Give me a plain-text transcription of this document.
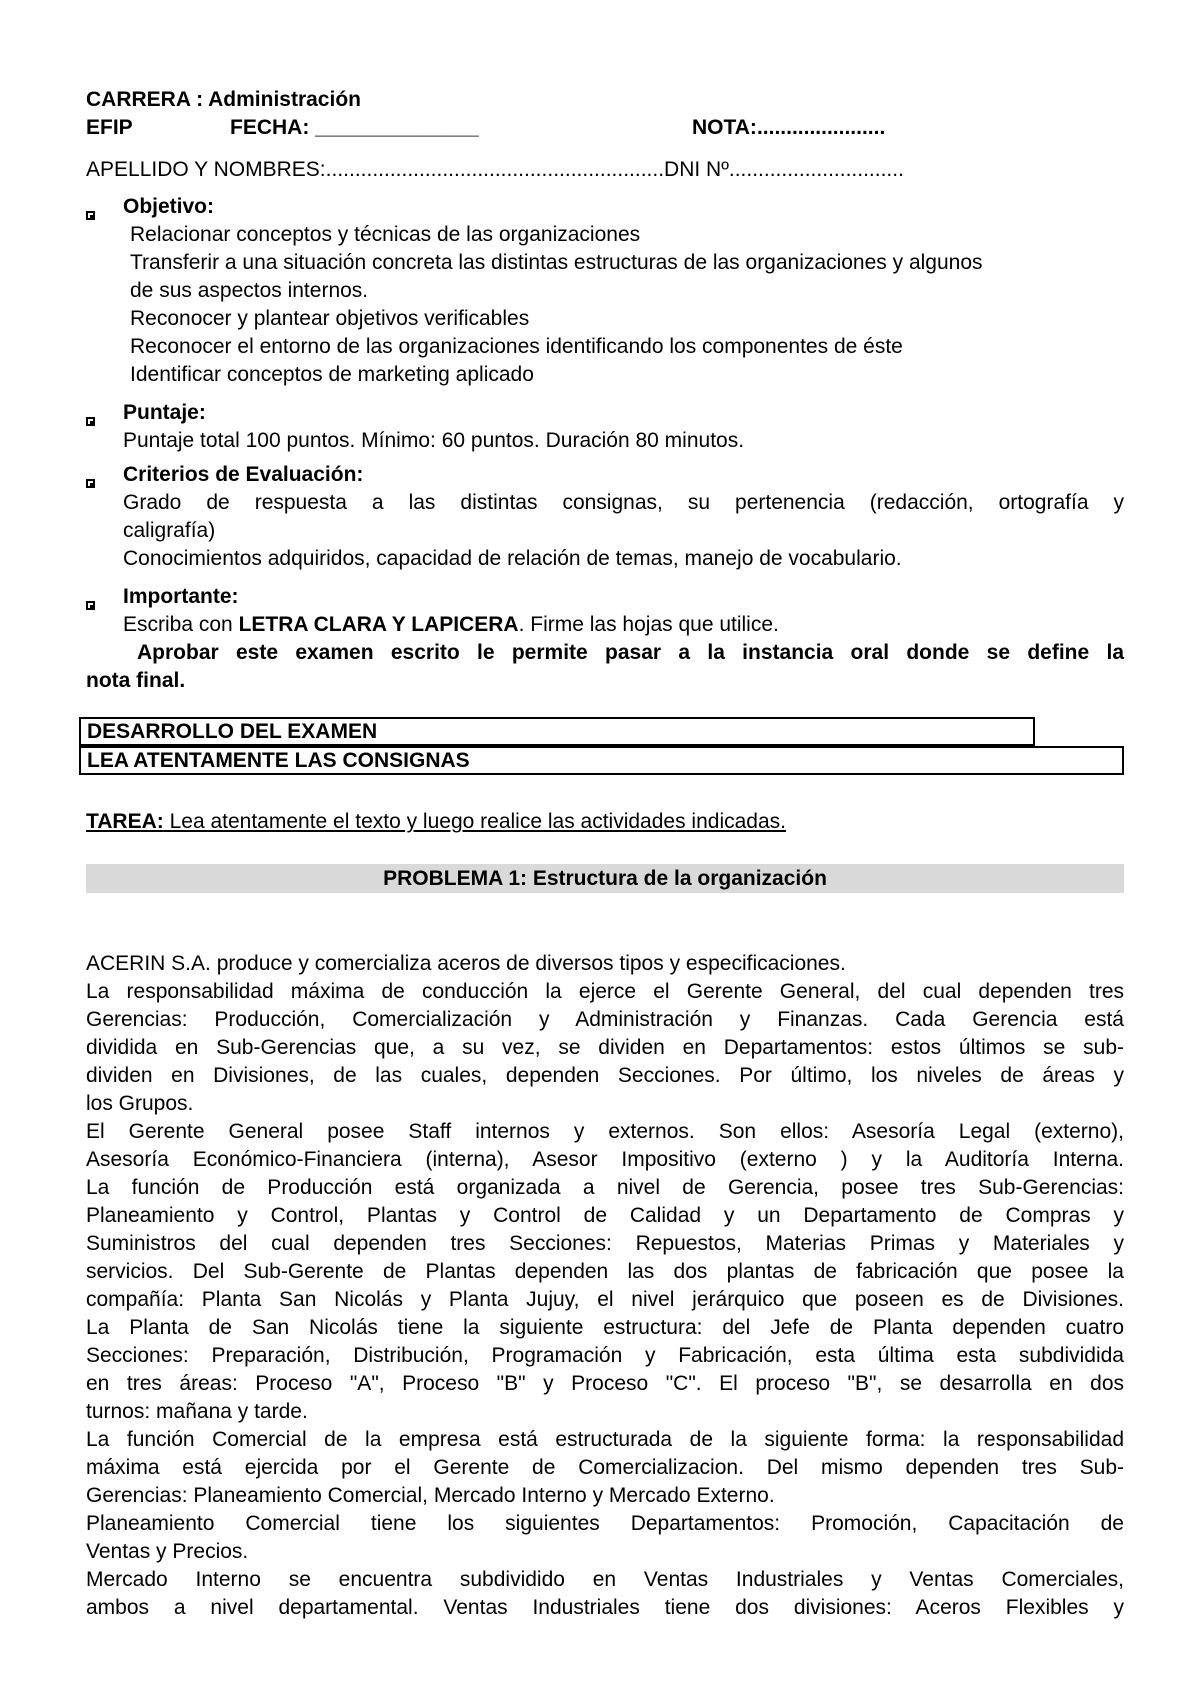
CARRERA : Administración
EFIP	FECHA: ______________	NOTA:......................
APELLIDO Y NOMBRES:..........................................................DNI Nº..............................
Objetivo:
Relacionar conceptos y técnicas de las organizaciones
Transferir a una situación concreta las distintas estructuras de las organizaciones y algunos
de sus aspectos internos.
Reconocer y plantear objetivos verificables
Reconocer el entorno de las organizaciones identificando los componentes de éste
Identificar conceptos de marketing aplicado
Puntaje:
Puntaje total 100 puntos. Mínimo: 60 puntos. Duración 80 minutos.
Criterios de Evaluación:
Grado de respuesta a las distintas consignas, su pertenencia (redacción, ortografía y
caligrafía)
Conocimientos adquiridos, capacidad de relación de temas, manejo de vocabulario.
Importante:
Escriba con LETRA CLARA Y LAPICERA. Firme las hojas que utilice.
Aprobar este examen escrito le permite pasar a la instancia oral donde se define la
nota final.
DESARROLLO DEL EXAMEN
LEA ATENTAMENTE LAS CONSIGNAS
TAREA: Lea atentamente el texto y luego realice las actividades indicadas.
PROBLEMA 1: Estructura de la organización
ACERIN S.A. produce y comercializa aceros de diversos tipos y especificaciones.
La responsabilidad máxima de conducción la ejerce el Gerente General, del cual dependen tres
Gerencias: Producción, Comercialización y Administración y Finanzas. Cada Gerencia está
dividida en Sub-Gerencias que, a su vez, se dividen en Departamentos: estos últimos se sub-
dividen en Divisiones, de las cuales, dependen Secciones. Por último, los niveles de áreas y
los Grupos.
El Gerente General posee Staff internos y externos. Son ellos: Asesoría Legal (externo),
Asesoría Económico-Financiera (interna), Asesor Impositivo (externo ) y la Auditoría Interna.
La función de Producción está organizada a nivel de Gerencia, posee tres Sub-Gerencias:
Planeamiento y Control, Plantas y Control de Calidad y un Departamento de Compras y
Suministros del cual dependen tres Secciones: Repuestos, Materias Primas y Materiales y
servicios. Del Sub-Gerente de Plantas dependen las dos plantas de fabricación que posee la
compañía: Planta San Nicolás y Planta Jujuy, el nivel jerárquico que poseen es de Divisiones.
La Planta de San Nicolás tiene la siguiente estructura: del Jefe de Planta dependen cuatro
Secciones: Preparación, Distribución, Programación y Fabricación, esta última esta subdividida
en tres áreas: Proceso "A", Proceso "B" y Proceso "C". El proceso "B", se desarrolla en dos
turnos: mañana y tarde.
La función Comercial de la empresa está estructurada de la siguiente forma: la responsabilidad
máxima está ejercida por el Gerente de Comercializacion. Del mismo dependen tres Sub-
Gerencias: Planeamiento Comercial, Mercado Interno y Mercado Externo.
Planeamiento Comercial tiene los siguientes Departamentos: Promoción, Capacitación de
Ventas y Precios.
Mercado Interno se encuentra subdividido en Ventas Industriales y Ventas Comerciales,
ambos a nivel departamental. Ventas Industriales tiene dos divisiones: Aceros Flexibles y
